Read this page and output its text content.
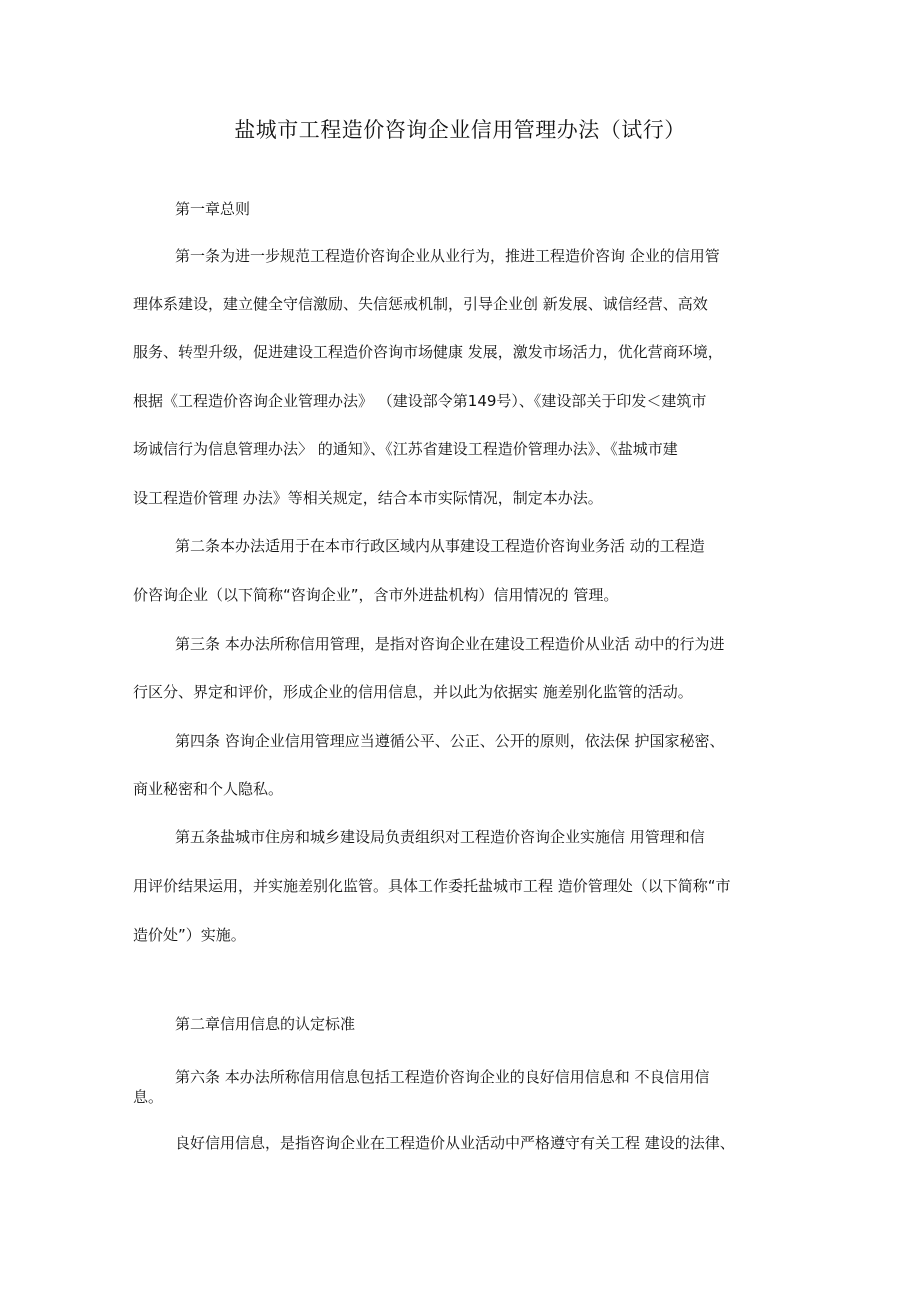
盐城市工程造价咨询企业信用管理办法（试行）

第一章总则

第一条为进一步规范工程造价咨询企业从业行为，推进工程造价咨询 企业的信用管

理体系建设，建立健全守信激励、失信惩戒机制，引导企业创 新发展、诚信经营、高效

服务、转型升级，促进建设工程造价咨询市场健康 发展，激发市场活力，优化营商环境，

根据《工程造价咨询企业管理办法》 （建设部令第149号）、《建设部关于印发＜建筑市

场诚信行为信息管理办法〉 的通知》、《江苏省建设工程造价管理办法》、《盐城市建

设工程造价管理 办法》等相关规定，结合本市实际情况，制定本办法。

第二条本办法适用于在本市行政区域内从事建设工程造价咨询业务活 动的工程造

价咨询企业（以下简称“咨询企业”，含市外进盐机构）信用情况的 管理。

第三条 本办法所称信用管理，是指对咨询企业在建设工程造价从业活 动中的行为进

行区分、界定和评价，形成企业的信用信息，并以此为依据实 施差别化监管的活动。

第四条 咨询企业信用管理应当遵循公平、公正、公开的原则，依法保 护国家秘密、

商业秘密和个人隐私。

第五条盐城市住房和城乡建设局负责组织对工程造价咨询企业实施信 用管理和信

用评价结果运用，并实施差别化监管。具体工作委托盐城市工程 造价管理处（以下简称“市

造价处”）实施。

第二章信用信息的认定标准

第六条 本办法所称信用信息包括工程造价咨询企业的良好信用信息和 不良信用信

息。

良好信用信息，是指咨询企业在工程造价从业活动中严格遵守有关工程 建设的法律、
